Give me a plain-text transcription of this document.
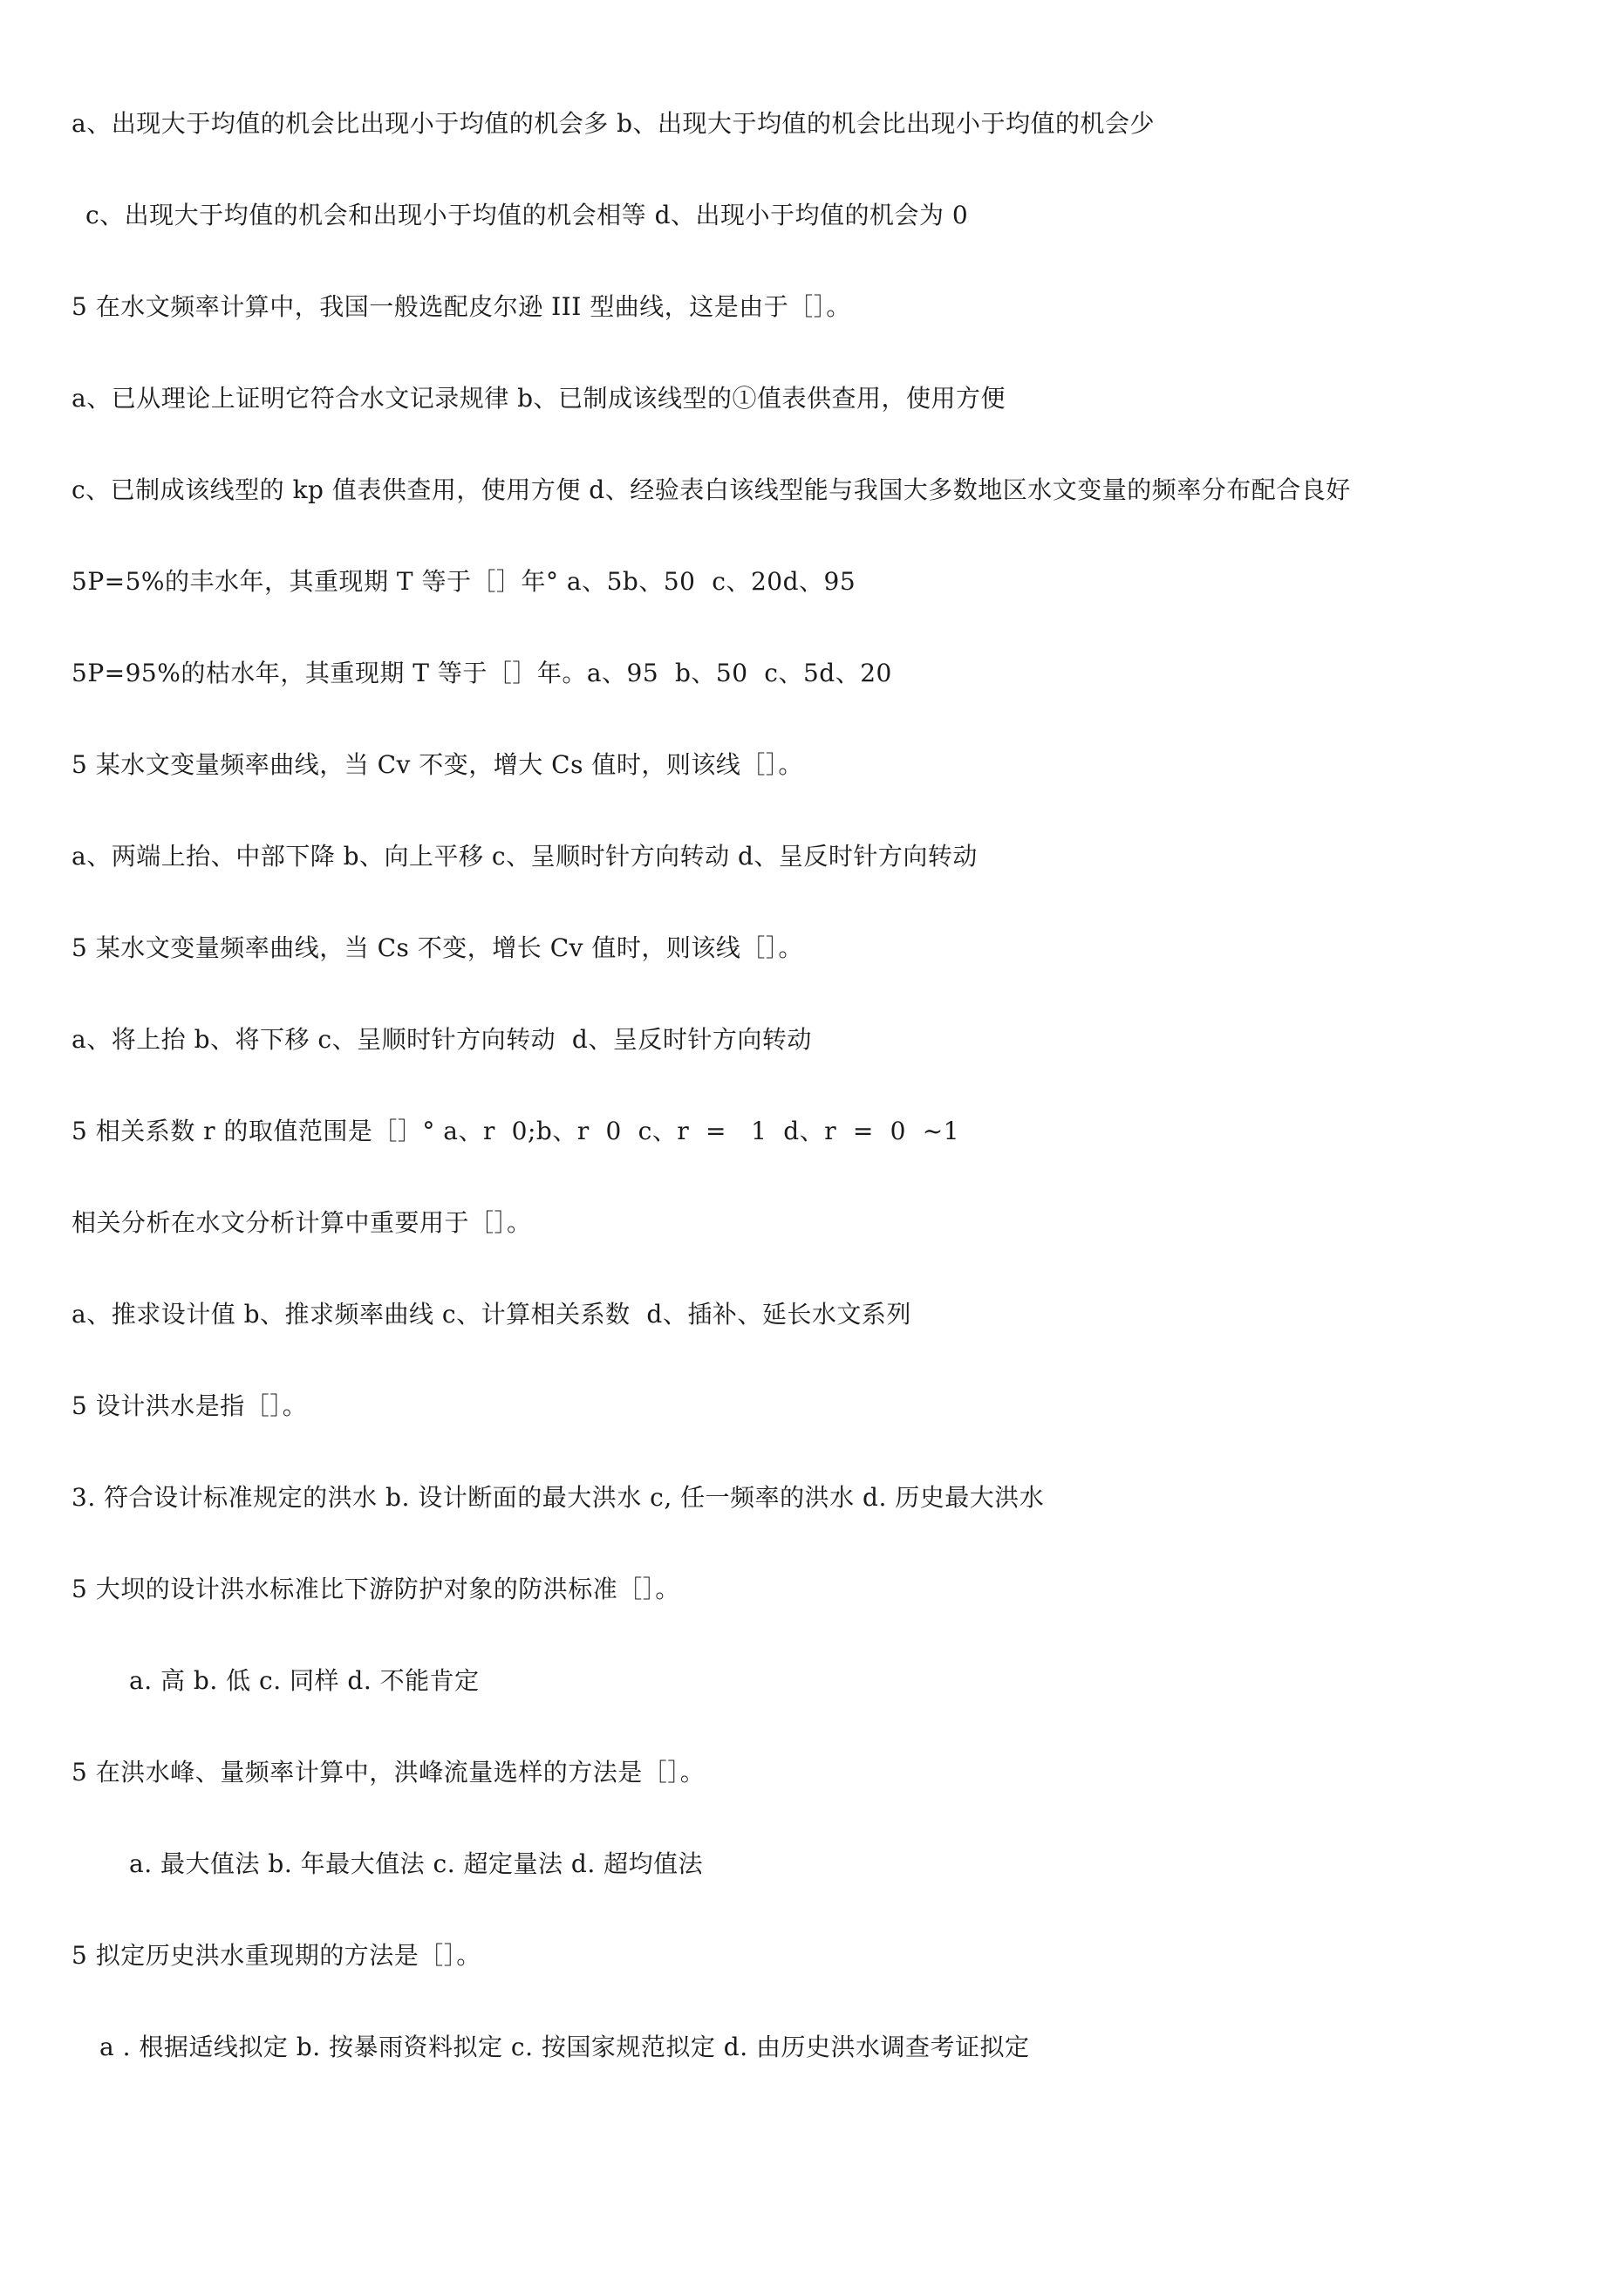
a、出现大于均值的机会比出现小于均值的机会多 b、出现大于均值的机会比出现小于均值的机会少
c、出现大于均值的机会和出现小于均值的机会相等 d、出现小于均值的机会为 0
5 在水文频率计算中，我国一般选配皮尔逊 III 型曲线，这是由于［］。
a、已从理论上证明它符合水文记录规律 b、已制成该线型的①值表供查用，使用方便
c、已制成该线型的 kp 值表供查用，使用方便 d、经验表白该线型能与我国大多数地区水文变量的频率分布配合良好
5P=5%的丰水年，其重现期 T 等于［］年° a、5b、50  c、20d、95
5P=95%的枯水年，其重现期 T 等于［］年。a、95  b、50  c、5d、20
5 某水文变量频率曲线，当 Cv 不变，增大 Cs 值时，则该线［］。
a、两端上抬、中部下降 b、向上平移 c、呈顺时针方向转动 d、呈反时针方向转动
5 某水文变量频率曲线，当 Cs 不变，增长 Cv 值时，则该线［］。
a、将上抬 b、将下移 c、呈顺时针方向转动  d、呈反时针方向转动
5 相关系数 r 的取值范围是［］° a、r  0;b、r  0  c、r  =   1  d、r  =  0  ~1
相关分析在水文分析计算中重要用于［］。
a、推求设计值 b、推求频率曲线 c、计算相关系数  d、插补、延长水文系列
5 设计洪水是指［］。
3. 符合设计标准规定的洪水 b. 设计断面的最大洪水 c, 任一频率的洪水 d. 历史最大洪水
5 大坝的设计洪水标准比下游防护对象的防洪标准［］。
a. 高 b. 低 c. 同样 d. 不能肯定
5 在洪水峰、量频率计算中，洪峰流量选样的方法是［］。
a. 最大值法 b. 年最大值法 c. 超定量法 d. 超均值法
5 拟定历史洪水重现期的方法是［］。
a . 根据适线拟定 b. 按暴雨资料拟定 c. 按国家规范拟定 d. 由历史洪水调查考证拟定
